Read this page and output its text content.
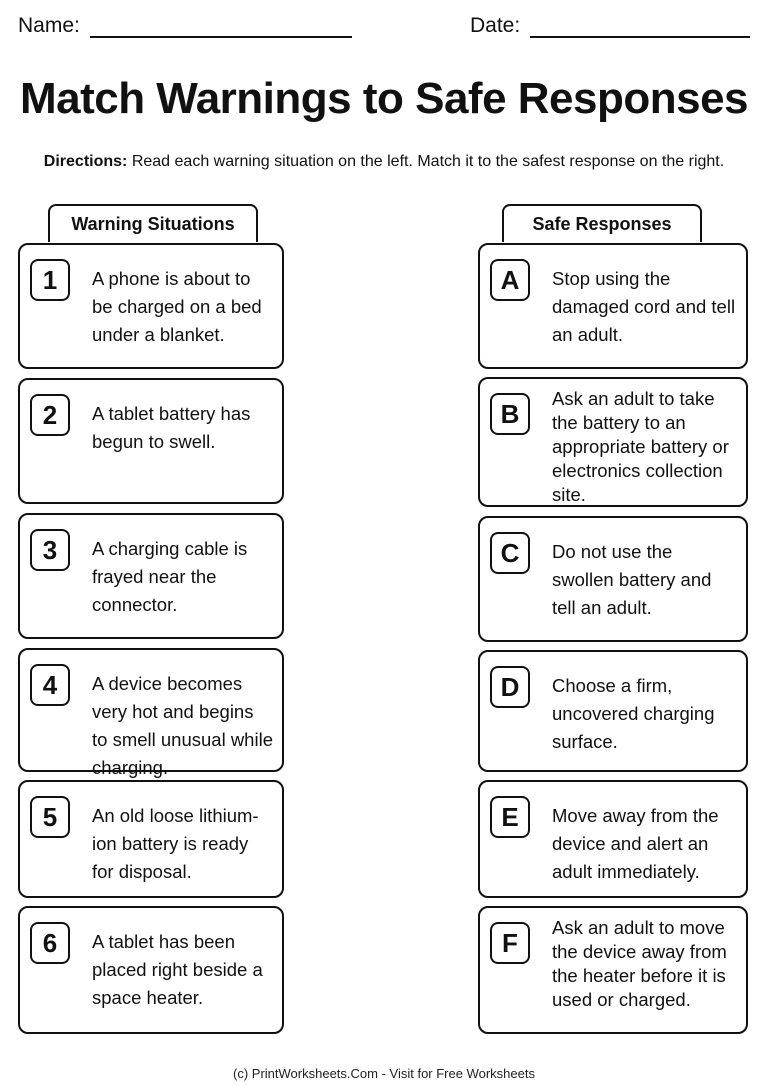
Name:	Date:
Match Warnings to Safe Responses
Directions: Read each warning situation on the left. Match it to the safest response on the right.
Warning Situations	Safe Responses
1	A phone is about to be charged on a bed under a blanket.
2	A tablet battery has begun to swell.
3	A charging cable is frayed near the connector.
4	A device becomes very hot and begins to smell unusual while charging.
5	An old loose lithium-ion battery is ready for disposal.
6	A tablet has been placed right beside a space heater.
A	Stop using the damaged cord and tell an adult.
B	Ask an adult to take the battery to an appropriate battery or electronics collection site.
C	Do not use the swollen battery and tell an adult.
D	Choose a firm, uncovered charging surface.
E	Move away from the device and alert an adult immediately.
F	Ask an adult to move the device away from the heater before it is used or charged.
(c) PrintWorksheets.Com - Visit for Free Worksheets
